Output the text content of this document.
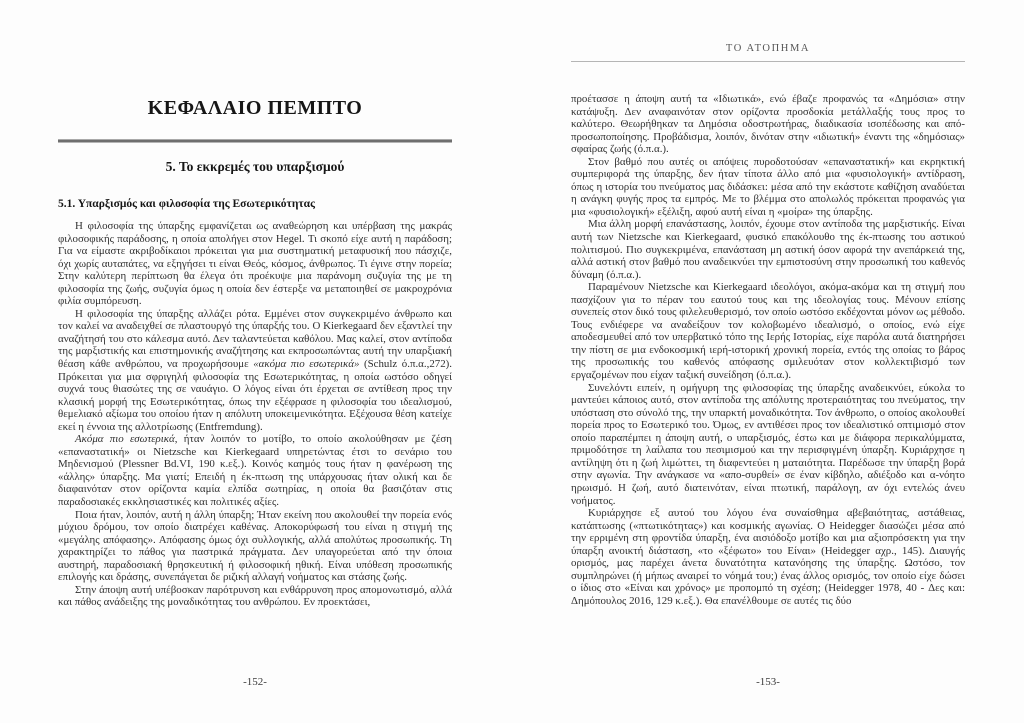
ΚΕΦΑΛΑΙΟ ΠΕΜΠΤΟ
5. Το εκκρεμές του υπαρξισμού
5.1. Υπαρξισμός και φιλοσοφία της Εσωτερικότητας

Η φιλοσοφία της ύπαρξης εμφανίζεται ως αναθεώρηση και υπέρβαση της μακράς φιλοσοφικής παράδοσης, η οποία απολήγει στον Hegel. Τι σκοπό είχε αυτή η παράδοση; Για να είμαστε ακριβοδίκαιοι πρόκειται για μια συστηματική μεταφυσική που πάσχιζε, όχι χωρίς αυταπάτες, να εξηγήσει τι είναι Θεός, κόσμος, άνθρωπος. Τι έγινε στην πορεία; Στην καλύτερη περίπτωση θα έλεγα ότι προέκυψε μια παράνομη συζυγία της με τη φιλοσοφία της ζωής, συζυγία όμως η οποία δεν έστερξε να μεταποιηθεί σε μακροχρόνια φιλία συμπόρευση.

Η φιλοσοφία της ύπαρξης αλλάζει ρότα. Εμμένει στον συγκεκριμένο άνθρωπο και τον καλεί να αναδειχθεί σε πλαστουργό της ύπαρξής του. Ο Kierkegaard δεν εξαντλεί την αναζήτησή του στο κάλεσμα αυτό. Δεν ταλαντεύεται καθόλου. Μας καλεί, στον αντίποδα της μαρξιστικής και επιστημονικής αναζήτησης και εκπροσωπώντας αυτή την υπαρξιακή θέαση κάθε ανθρώπου, να προχωρήσουμε «ακόμα πιο εσωτερικά» (Schulz ό.π.α.,272). Πρόκειται για μια σφριγηλή φιλοσοφία της Εσωτερικότητας, η οποία ωστόσο οδηγεί συχνά τους θιασώτες της σε ναυάγιο. Ο λόγος είναι ότι έρχεται σε αντίθεση προς την κλασική μορφή της Εσωτερικότητας, όπως την εξέφρασε η φιλοσοφία του ιδεαλισμού, θεμελιακό αξίωμα του οποίου ήταν η απόλυτη υποκειμενικότητα. Εξέχουσα θέση κατείχε εκεί η έννοια της αλλοτρίωσης (Entfremdung).

Ακόμα πιο εσωτερικά, ήταν λοιπόν το μοτίβο, το οποίο ακολούθησαν με ζέση «επαναστατική» οι Nietzsche και Kierkegaard υπηρετώντας έτσι το σενάριο του Μηδενισμού (Plessner Bd.VI, 190 κ.εξ.). Κοινός καημός τους ήταν η φανέρωση της «άλλης» ύπαρξης. Μα γιατί; Επειδή η έκ-πτωση της υπάρχουσας ήταν ολική και δε διαφαινόταν στον ορίζοντα καμία ελπίδα σωτηρίας, η οποία θα βασιζόταν στις παραδοσιακές εκκλησιαστικές και πολιτικές αξίες.

Ποια ήταν, λοιπόν, αυτή η άλλη ύπαρξη; Ήταν εκείνη που ακολουθεί την πορεία ενός μύχιου δρόμου, τον οποίο διατρέχει καθένας. Αποκορύφωσή του είναι η στιγμή της «μεγάλης απόφασης». Απόφασης όμως όχι συλλογικής, αλλά απολύτως προσωπικής. Τη χαρακτηρίζει το πάθος για παστρικά πράγματα. Δεν υπαγορεύεται από την όποια αυστηρή, παραδοσιακή θρησκευτική ή φιλοσοφική ηθική. Είναι υπόθεση προσωπικής επιλογής και δράσης, συνεπάγεται δε ριζική αλλαγή νοήματος και στάσης ζωής.

Στην άποψη αυτή υπέβοσκαν παρότρυνση και ενθάρρυνση προς απομονωτισμό, αλλά και πάθος ανάδειξης της μοναδικότητας του ανθρώπου. Εν προεκτάσει,

-152-
ΤΟ ΑΤΟΠΗΜΑ

προέτασσε η άποψη αυτή τα «Ιδιωτικά», ενώ έβαζε προφανώς τα «Δημόσια» στην κατάψυξη. Δεν αναφαινόταν στον ορίζοντα προσδοκία μετάλλαξής τους προς το καλύτερο. Θεωρήθηκαν τα Δημόσια οδοστρωτήρας, διαδικασία ισοπέδωσης και από-προσωποποίησης. Προβάδισμα, λοιπόν, δινόταν στην «ιδιωτική» έναντι της «δημόσιας» σφαίρας ζωής (ό.π.α.).

Στον βαθμό που αυτές οι απόψεις πυροδοτούσαν «επαναστατική» και εκρηκτική συμπεριφορά της ύπαρξης, δεν ήταν τίποτα άλλο από μια «φυσιολογική» αντίδραση, όπως η ιστορία του πνεύματος μας διδάσκει: μέσα από την εκάστοτε καθίζηση αναδύεται η ανάγκη φυγής προς τα εμπρός. Με το βλέμμα στο απολωλός πρόκειται προφανώς για μια «φυσιολογική» εξέλιξη, αφού αυτή είναι η «μοίρα» της ύπαρξης.

Μια άλλη μορφή επανάστασης, λοιπόν, έχουμε στον αντίποδα της μαρξιστικής. Είναι αυτή των Nietzsche και Kierkegaard, φυσικό επακόλουθο της έκ-πτωσης του αστικού πολιτισμού. Πιο συγκεκριμένα, επανάσταση μη αστική όσον αφορά την ανεπάρκειά της, αλλά αστική στον βαθμό που αναδεικνύει την εμπιστοσύνη στην προσωπική του καθενός δύναμη (ό.π.α.).

Παραμένουν Nietzsche και Kierkegaard ιδεολόγοι, ακόμα-ακόμα και τη στιγμή που πασχίζουν για το πέραν του εαυτού τους και της ιδεολογίας τους. Μένουν επίσης συνεπείς στον δικό τους φιλελευθερισμό, τον οποίο ωστόσο εκδέχονται μόνον ως μέθοδο. Τους ενδιέφερε να αναδείξουν τον κολοβωμένο ιδεαλισμό, ο οποίος, ενώ είχε αποδεσμευθεί από τον υπερβατικό τόπο της Ιερής Ιστορίας, είχε παρόλα αυτά διατηρήσει την πίστη σε μια ενδοκοσμική ιερή-ιστορική χρονική πορεία, εντός της οποίας το βάρος της προσωπικής του καθενός απόφασης σμιλευόταν στον κολλεκτιβισμό των εργαζομένων που είχαν ταξική συνείδηση (ό.π.α.).

Συνελόντι ειπείν, η ομήγυρη της φιλοσοφίας της ύπαρξης αναδεικνύει, εύκολα το μαντεύει κάποιος αυτό, στον αντίποδα της απόλυτης προτεραιότητας του πνεύματος, την υπόσταση στο σύνολό της, την υπαρκτή μοναδικότητα. Τον άνθρωπο, ο οποίος ακολουθεί πορεία προς το Εσωτερικό του. Όμως, εν αντιθέσει προς τον ιδεαλιστικό οπτιμισμό στον οποίο παραπέμπει η άποψη αυτή, ο υπαρξισμός, έστω και με διάφορα περικαλύμματα, πριμοδότησε τη λαίλαπα του πεσιμισμού και την περισφιγμένη ύπαρξη. Κυριάρχησε η αντίληψη ότι η ζωή λιμώττει, τη διαφεντεύει η ματαιότητα. Παρέδωσε την ύπαρξη βορά στην αγωνία. Την ανάγκασε να «απο-συρθεί» σε έναν κίβδηλο, αδιέξοδο και α-νόητο ηρωισμό. Η ζωή, αυτό διατεινόταν, είναι πτωτική, παράλογη, αν όχι εντελώς άνευ νοήματος.

Κυριάρχησε εξ αυτού του λόγου ένα συναίσθημα αβεβαιότητας, αστάθειας, κατάπτωσης («πτωτικότητας») και κοσμικής αγωνίας. Ο Heidegger διασώζει μέσα από την ερριμένη στη φροντίδα ύπαρξη, ένα αισιόδοξο μοτίβο και μια αξιοπρόσεκτη για την ύπαρξη ανοικτή διάσταση, «το «ξέφωτο» του Είναι» (Heidegger αχρ., 145). Διαυγής ορισμός, μας παρέχει άνετα δυνατότητα κατανόησης της ύπαρξης. Ωστόσο, τον συμπληρώνει (ή μήπως αναιρεί το νόημά του;) ένας άλλος ορισμός, τον οποίο είχε δώσει ο ίδιος στο «Είναι και χρόνος» με προπομπό τη σχέση; (Heidegger 1978, 40 - Δες και: Δημόπουλος 2016, 129 κ.εξ.). Θα επανέλθουμε σε αυτές τις δύο

-153-
